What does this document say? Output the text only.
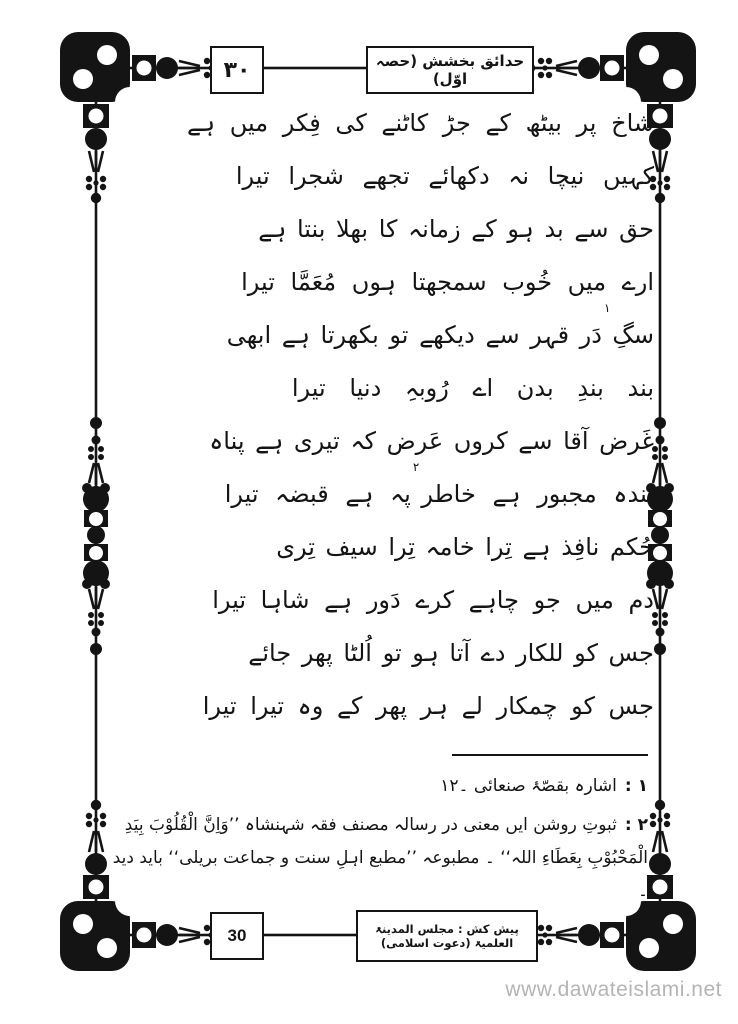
۳۰	حدائق بخشش (حصہ اوّل)
شاخ پر بیٹھ کے جڑ کاٹنے کی فِکر میں ہے
کہیں نیچا نہ دکھائے تجھے شجرا تیرا
حق سے بد ہو کے زمانہ کا بھلا بنتا ہے
ارے میں خُوب سمجھتا ہوں مُعَمَّا تیرا
سگِ
۱
دَر قہر سے دیکھے تو بکھرتا ہے ابھی
بند بندِ بدن اے رُوبہِ دنیا تیرا
غَرض آقا سے کروں عَرض کہ تیری ہے پناہ
بندہ مجبور ہے خاطر
۲
پہ ہے قبضہ تیرا
حُکم نافِذ ہے تِرا خامہ تِرا سیف تِری
دم میں جو چاہے کرے دَور ہے شاہا تیرا
جس کو للکار دے آتا ہو تو اُلٹا پھر جائے
جس کو چمکار لے ہر پھر کے وہ تیرا تیرا
۱ :اشارہ بقصّۂ صنعائی ۔۱۲
۲ :ثبوتِ روشن ایں معنی در رسالہ مصنف فقہ شہنشاہ ’’وَاِنَّ الْقُلُوْبَ بِیَدِ الْمَحْبُوْبِ بِعَطَاءِ اللہ‘‘ ۔ مطبوعہ ’’مطبع اہلِ سنت و جماعت بریلی‘‘ باید دید ۔
30	پیش کش : مجلس المدینۃ العلمیۃ (دعوت اسلامی)
www.dawateislami.net
